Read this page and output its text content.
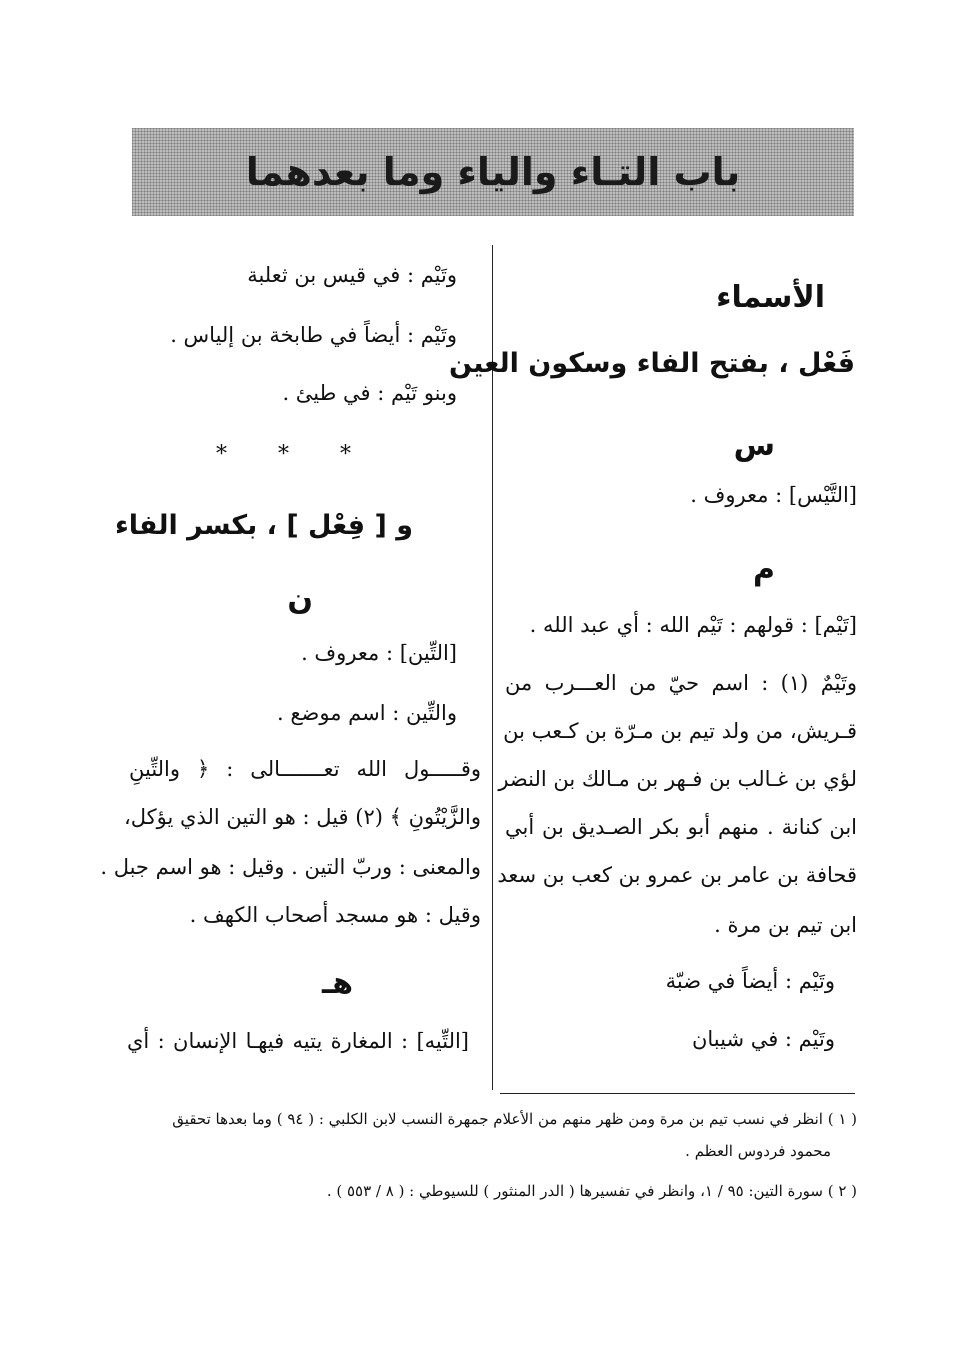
باب التـاء والياء وما بعدهما
الأسماء
فَعْل ، بفتح الفاء وسكون العين
س
[التَّيْس] : معروف .
م
[تَيْم] : قولهم : تَيْم الله : أي عبد الله .
وتَيْمٌ (١) : اسم حيّ من العـــرب من
قـريش، من ولد تيم بن مـرّة بن كـعب بن
لؤي بن غـالب بن فـهر بن مـالك بن النضر
ابن كنانة . منهم أبو بكر الصـديق بن أبي
قحافة بن عامر بن عمرو بن كعب بن سعد
ابن تيم بن مرة .
وتَيْم : أيضاً في ضبّة
وتَيْم : في شيبان
وتَيْم : في قيس بن ثعلبة
وتَيْم : أيضاً في طابخة بن إلياس .
وبنو تَيْم : في طيئ .
* * *
و [ فِعْل ] ، بكسر الفاء
ن
[التِّين] : معروف .
والتِّين : اسم موضع .
وقـــــول الله تعـــــــالى : ﴿ والتِّينِ
والزَّيْتُونِ ﴾ (٢) قيل : هو التين الذي يؤكل،
والمعنى : وربّ التين . وقيل : هو اسم جبل .
وقيل : هو مسجد أصحاب الكهف .
هـ
[التِّيه] : المغارة يتيه فيهـا الإنسان : أي
( ١ ) انظر في نسب تيم بن مرة ومن ظهر منهم من الأعلام جمهرة النسب لابن الكلبي : ( ٩٤ ) وما بعدها تحقيق
محمود فردوس العظم .
( ٢ ) سورة التين: ٩٥ / ١، وانظر في تفسيرها ( الدر المنثور ) للسيوطي : ( ٨ / ٥٥٣ ) .
